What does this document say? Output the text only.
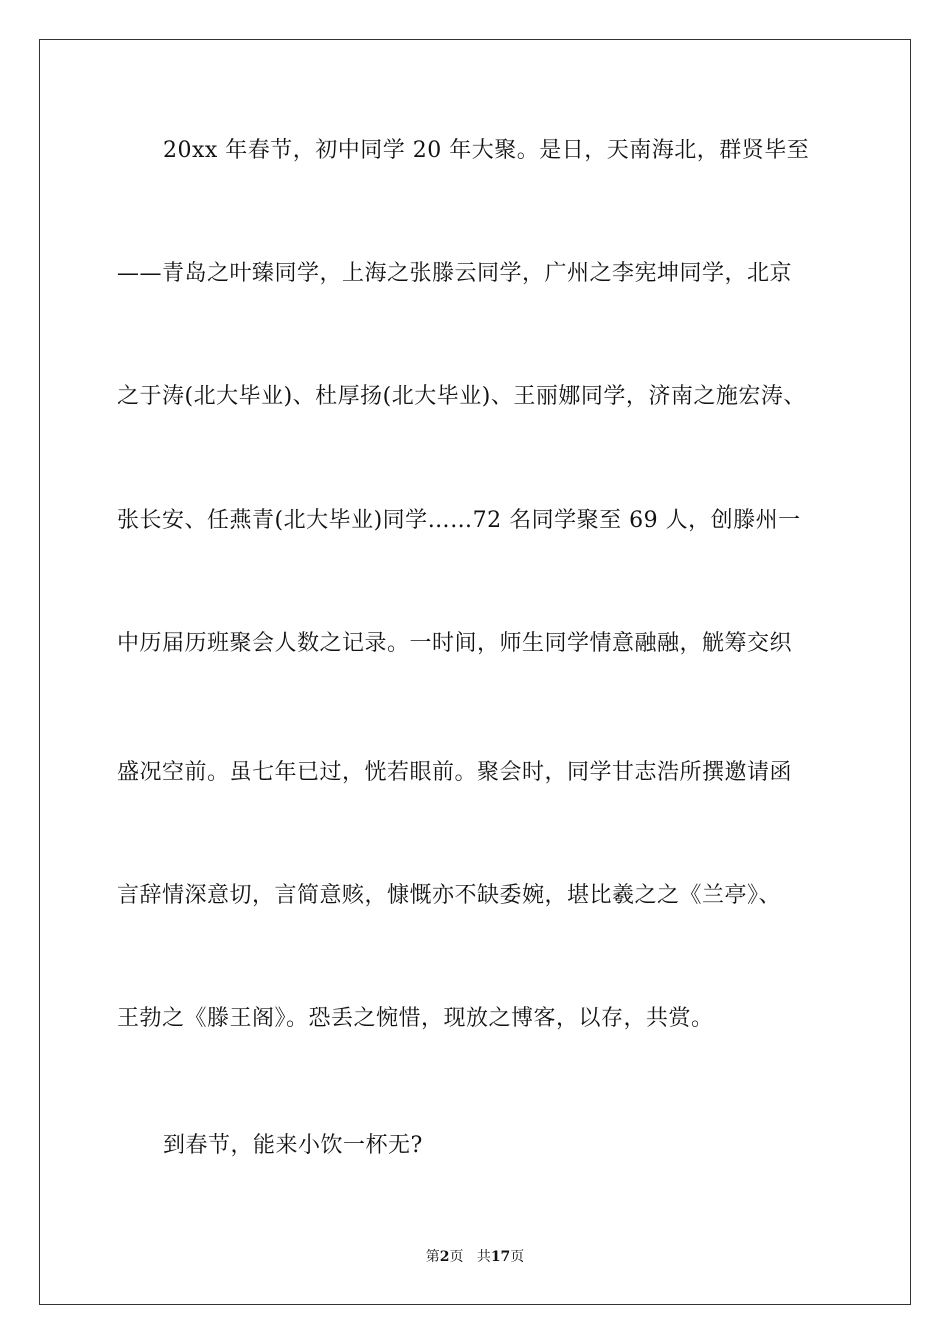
20xx 年春节，初中同学 20 年大聚。是日，天南海北，群贤毕至
——青岛之叶臻同学，上海之张滕云同学，广州之李宪坤同学，北京
之于涛(北大毕业)、杜厚扬(北大毕业)、王丽娜同学，济南之施宏涛、
张长安、任燕青(北大毕业)同学……72 名同学聚至 69 人，创滕州一
中历届历班聚会人数之记录。一时间，师生同学情意融融，觥筹交织
盛况空前。虽七年已过，恍若眼前。聚会时，同学甘志浩所撰邀请函
言辞情深意切，言简意赅，慷慨亦不缺委婉，堪比羲之之《兰亭》、
王勃之《滕王阁》。恐丢之惋惜，现放之博客，以存，共赏。
到春节，能来小饮一杯无?
第2页 共17页
